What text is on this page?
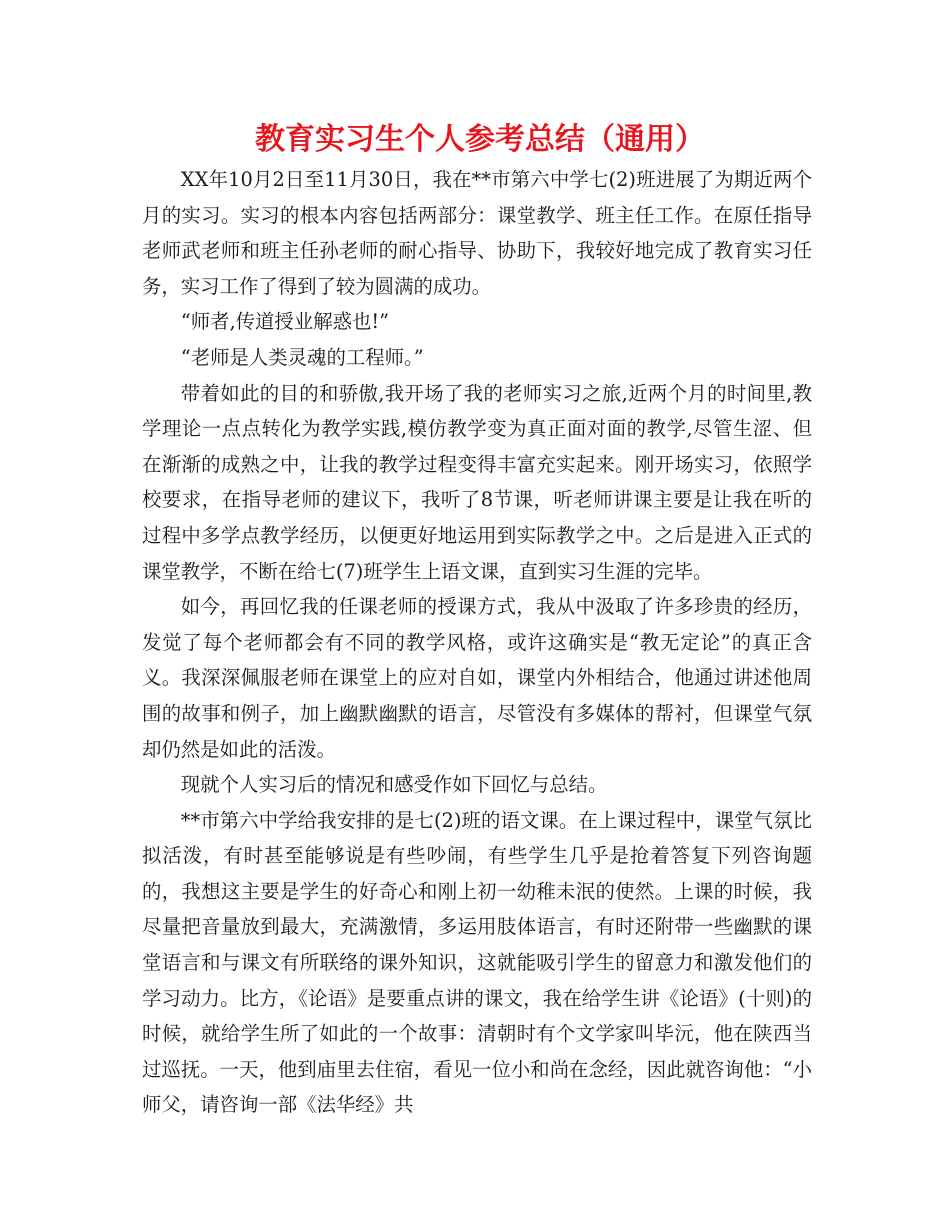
教育实习生个人参考总结（通用）

XX年10月2日至11月30日，我在**市第六中学七(2)班进展了为期近两个月的实习。实习的根本内容包括两部分：课堂教学、班主任工作。在原任指导老师武老师和班主任孙老师的耐心指导、协助下，我较好地完成了教育实习任务，实习工作了得到了较为圆满的成功。

“师者,传道授业解惑也!”

“老师是人类灵魂的工程师。”

带着如此的目的和骄傲,我开场了我的老师实习之旅,近两个月的时间里,教学理论一点点转化为教学实践,模仿教学变为真正面对面的教学,尽管生涩、但在渐渐的成熟之中，让我的教学过程变得丰富充实起来。刚开场实习，依照学校要求，在指导老师的建议下，我听了8节课，听老师讲课主要是让我在听的过程中多学点教学经历，以便更好地运用到实际教学之中。之后是进入正式的课堂教学，不断在给七(7)班学生上语文课，直到实习生涯的完毕。

如今，再回忆我的任课老师的授课方式，我从中汲取了许多珍贵的经历，发觉了每个老师都会有不同的教学风格，或许这确实是“教无定论”的真正含义。我深深佩服老师在课堂上的应对自如，课堂内外相结合，他通过讲述他周围的故事和例子，加上幽默幽默的语言，尽管没有多媒体的帮衬，但课堂气氛却仍然是如此的活泼。

现就个人实习后的情况和感受作如下回忆与总结。

**市第六中学给我安排的是七(2)班的语文课。在上课过程中，课堂气氛比拟活泼，有时甚至能够说是有些吵闹，有些学生几乎是抢着答复下列咨询题的，我想这主要是学生的好奇心和刚上初一幼稚未泯的使然。上课的时候，我尽量把音量放到最大，充满激情，多运用肢体语言，有时还附带一些幽默的课堂语言和与课文有所联络的课外知识，这就能吸引学生的留意力和激发他们的学习动力。比方，《论语》是要重点讲的课文，我在给学生讲《论语》(十则)的时候，就给学生所了如此的一个故事：清朝时有个文学家叫毕沅，他在陕西当过巡抚。一天，他到庙里去住宿，看见一位小和尚在念经，因此就咨询他：“小师父，请咨询一部《法华经》共
